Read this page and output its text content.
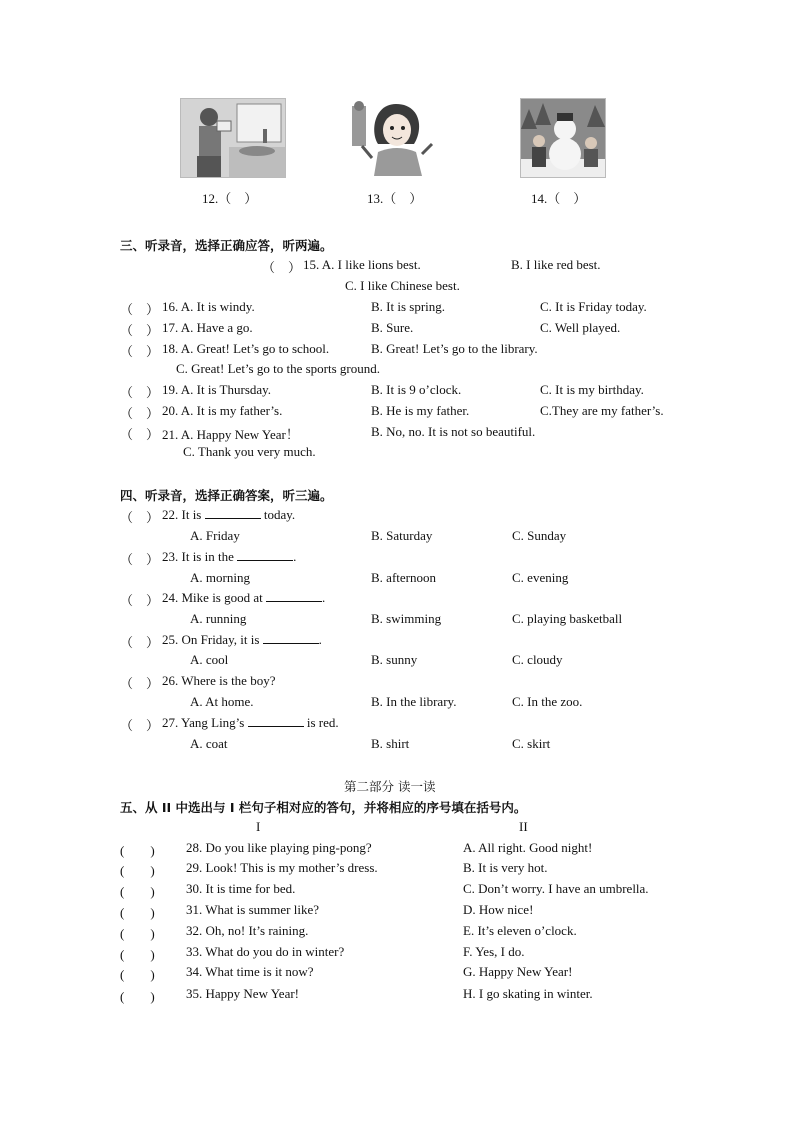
12.（　）	13.（　）	14.（　）
三、听录音，选择正确应答，听两遍。
（　） 15. A. I like lions best.	B. I like red best.
C. I like Chinese best.
（　） 16. A. It is windy.	B. It is spring.	C. It is Friday today.
（　） 17. A. Have a go.	B. Sure.	C. Well played.
（　） 18. A. Great! Let’s go to school.	B. Great! Let’s go to the library.
C. Great! Let’s go to the sports ground.
（　） 19. A. It is Thursday.	B. It is 9 o’clock.	C. It is my birthday.
（　） 20. A. It is my father’s.	B. He is my father.	C.They are my father’s.
（　） 21. A. Happy New Year！	B. No, no. It is not so beautiful.
C. Thank you very much.
四、听录音，选择正确答案，听三遍。
（　） 22. It is	today.
A. Friday	B. Saturday	C. Sunday
（　） 23. It is in the	.
A. morning	B. afternoon	C. evening
（　） 24. Mike is good at	.
A. running	B. swimming	C. playing basketball
（　） 25. On Friday, it is	.
A. cool	B. sunny	C. cloudy
（　） 26. Where is the boy?
A. At home.	B. In the library.	C. In the zoo.
（　） 27. Yang Ling’s	is red.
A. coat	B. shirt	C. skirt
第二部分 读一读
五、从 II 中选出与 I 栏句子相对应的答句，并将相应的序号填在括号内。
I	II
(　　) 28. Do you like playing ping-pong?	A. All right. Good night!
(　　) 29. Look! This is my mother’s dress.	B. It is very hot.
(　　) 30. It is time for bed.	C. Don’t worry. I have an umbrella.
(　　) 31. What is summer like?	D. How nice!
(　　) 32. Oh, no! It’s raining.	E. It’s eleven o’clock.
(　　) 33. What do you do in winter?	F. Yes, I do.
(　　) 34. What time is it now?	G. Happy New Year!
(　　) 35. Happy New Year!	H. I go skating in winter.
